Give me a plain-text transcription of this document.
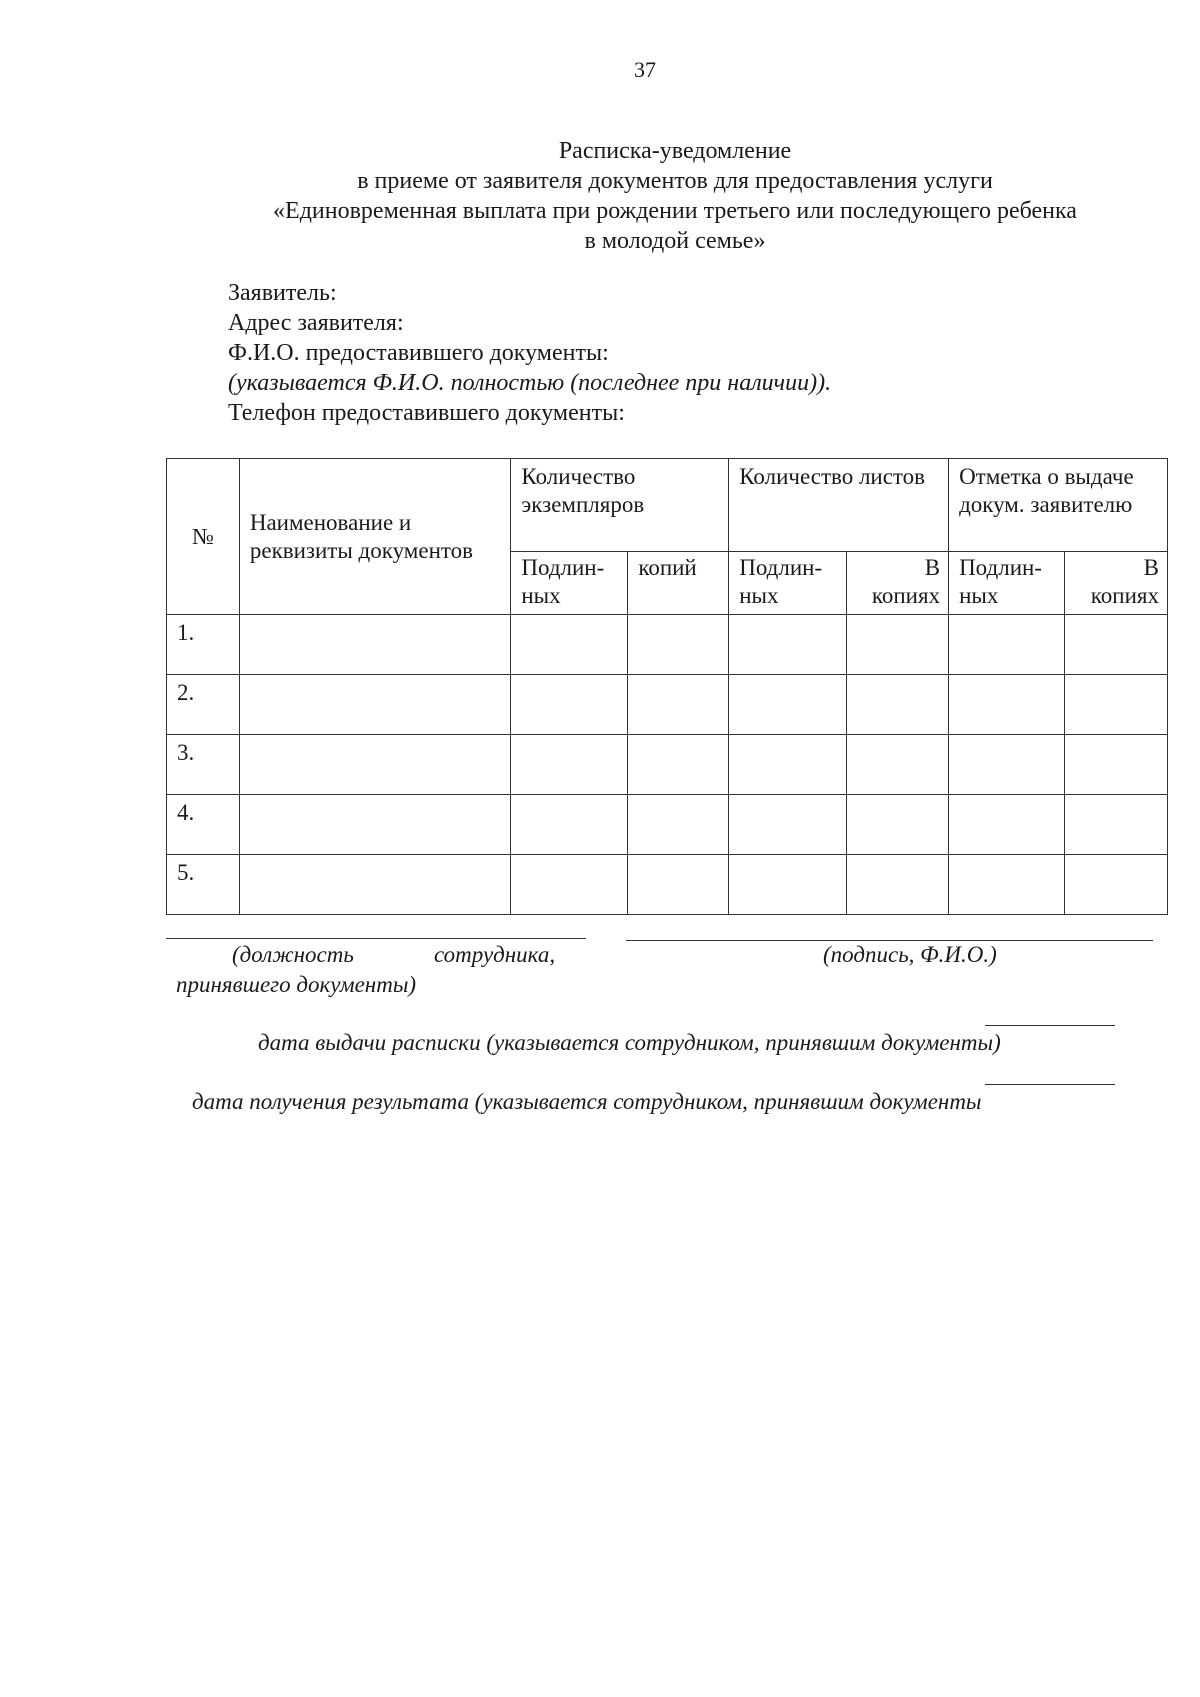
37
Расписка-уведомление
в приеме от заявителя документов для предоставления услуги
«Единовременная выплата при рождении третьего или последующего ребенка
в молодой семье»
Заявитель:
Адрес заявителя:
Ф.И.О. предоставившего документы:
(указывается Ф.И.О. полностью (последнее при наличии)).
Телефон предоставившего документы:
№	Наименование и реквизиты документов	Количество экземпляров		Количество листов		Отметка о выдаче докум. заявителю	
		Подлин- ных	копий	Подлин- ных	В копиях	Подлин- ных	В копиях
1.							
2.							
3.							
4.							
5.							
(должность	сотрудника,
принявшего документы)
(подпись, Ф.И.О.)
дата выдачи расписки (указывается сотрудником, принявшим документы)
дата получения результата (указывается сотрудником, принявшим документы
